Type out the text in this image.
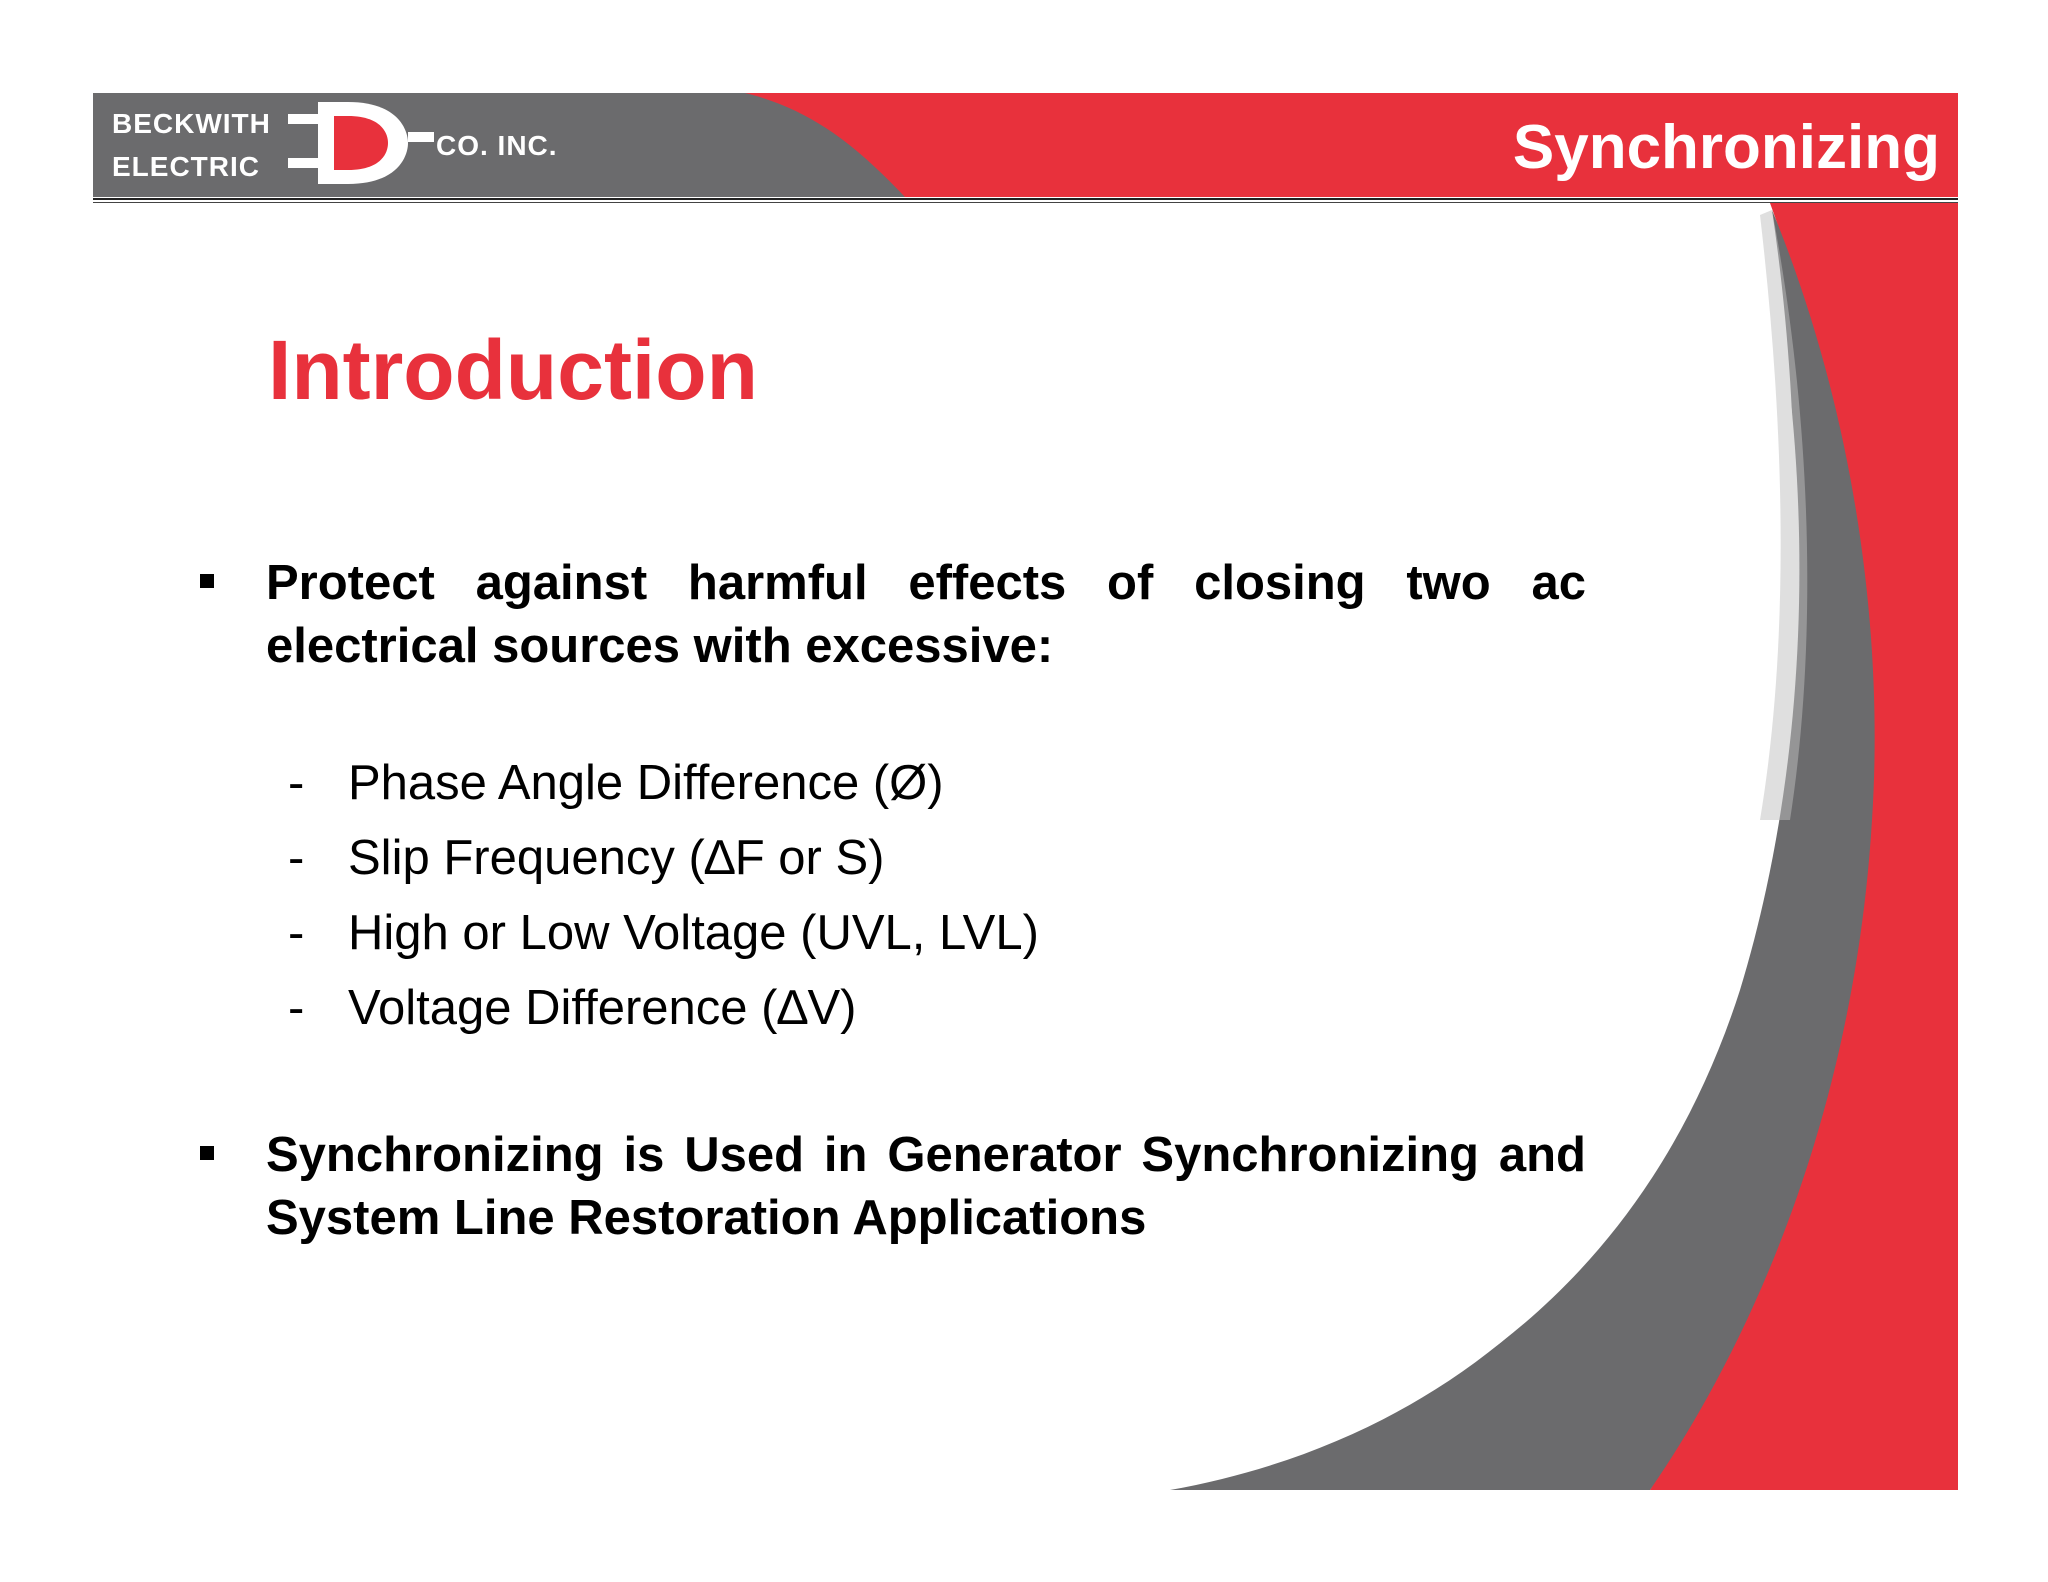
BECKWITH
ELECTRIC
CO. INC.	Synchronizing
Introduction
Protect against harmful effects of closing two ac electrical sources with excessive:
- Phase Angle Difference (Ø)
- Slip Frequency (∆F or S)
- High or Low Voltage (UVL, LVL)
- Voltage Difference (∆V)
Synchronizing is Used in Generator Synchronizing and System Line Restoration Applications
